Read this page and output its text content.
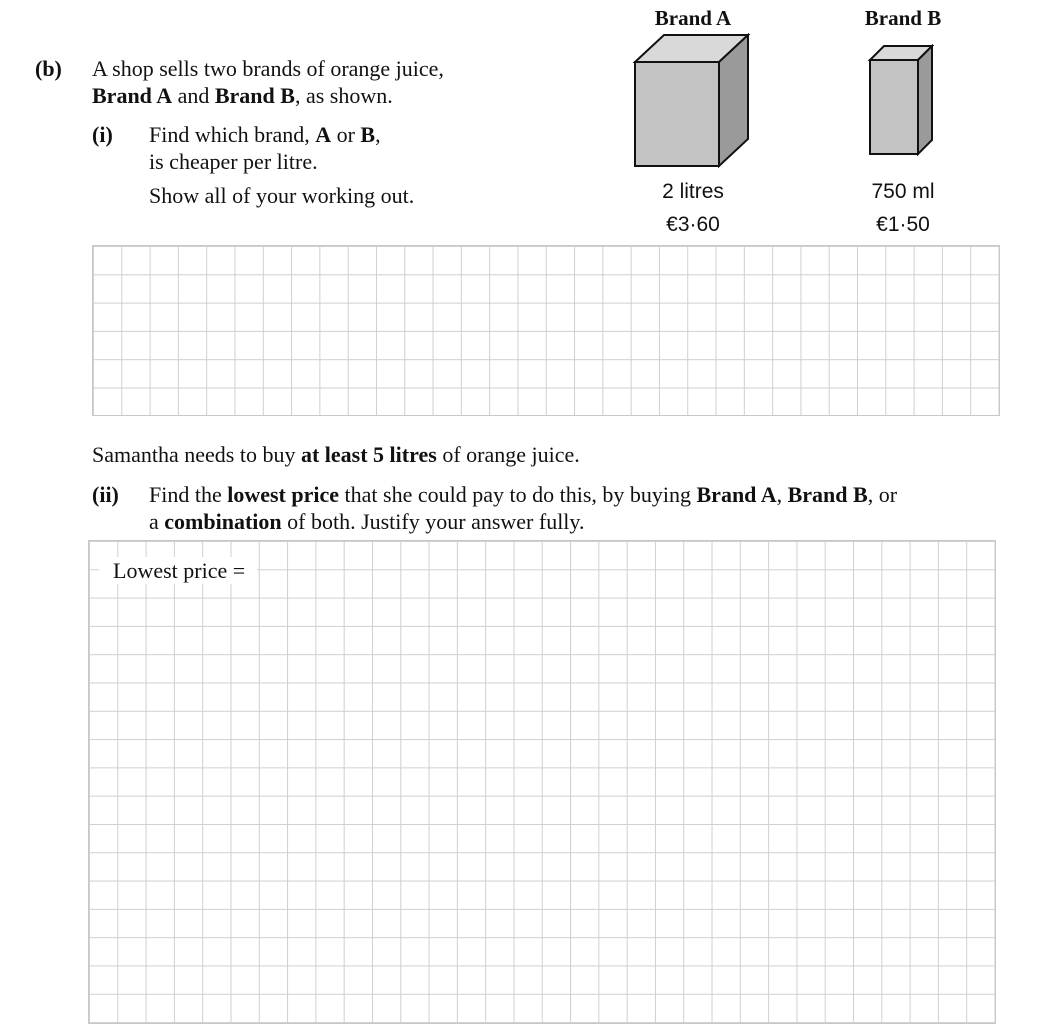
(b) A shop sells two brands of orange juice,
Brand A and Brand B, as shown.
(i) Find which brand, A or B,
is cheaper per litre.
Show all of your working out.
Brand A
2 litres
€3·60
Brand B
750 ml
€1·50
Samantha needs to buy at least 5 litres of orange juice.
(ii) Find the lowest price that she could pay to do this, by buying Brand A, Brand B, or
a combination of both. Justify your answer fully.
Lowest price =
